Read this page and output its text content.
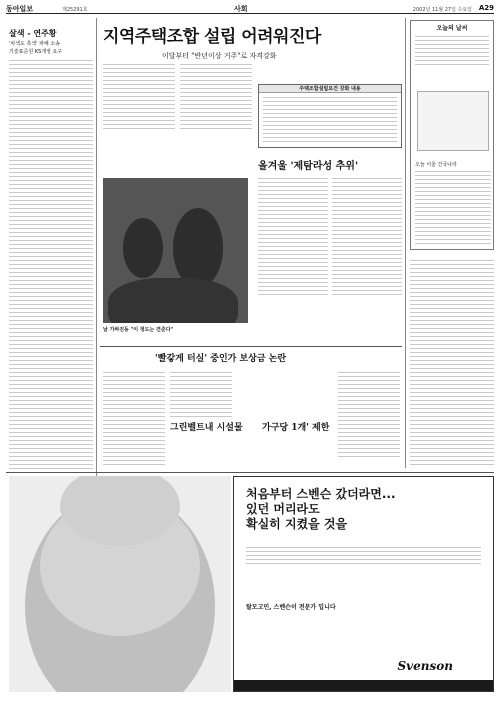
동아일보	제25291호	사회	2002년 11월 27일 수요일 A29
살색 - 연주황
'차색도 흑색' 파해 소송
기술표준원 KS개정 요구
지역주택조합 설립 어려워진다
이달부터 "반년이상 거주"로 자격강화
주택조합설립요건 강화 내용
날 가싸진동 "이 정도는 견준다"
올겨울 '제탐라성 추위'
오늘의 날씨
오늘 서울 건국나라
'빨갛게 터실' 중인가 보상금 논란
그린벨트내 시설물 가구당 1개' 제한
처음부터 스벤슨 갔더라면...
있던 머리라도
확실히 지켰을 것을
탈모고민, 스벤슨이 전문가 입니다
Svenson
